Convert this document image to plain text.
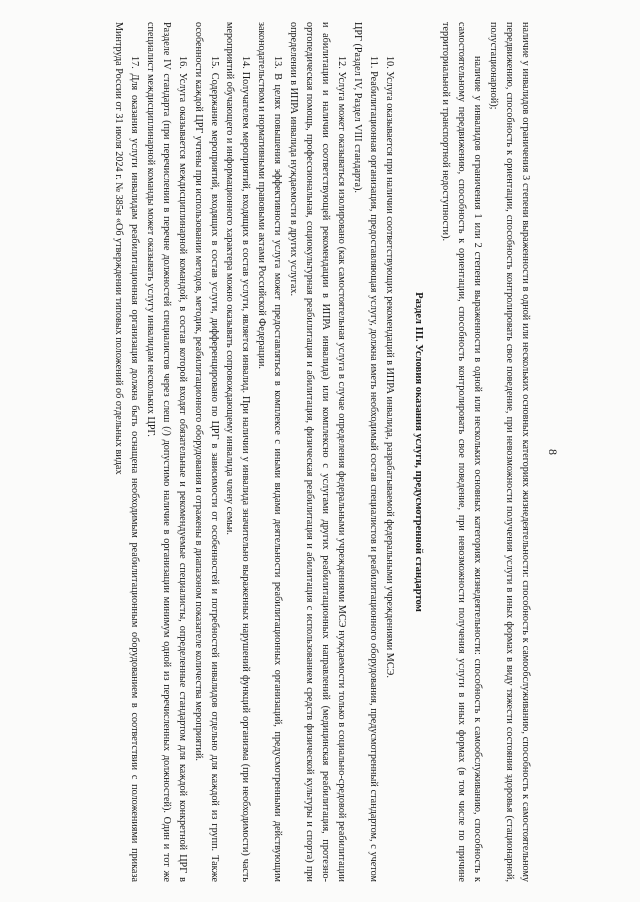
8

наличие у инвалидов ограничения 3 степени выраженности в одной или нескольких основных категориях жизнедеятельности: способность к самообслуживанию, способность к самостоятельному передвижению, способность к ориентации, способность контролировать свое поведение, при невозможности получения услуги в иных формах в виду тяжести состояния здоровья (стационарной, полустационарной);

наличие у инвалидов ограничения 1 или 2 степени выраженности в одной или нескольких основных категориях жизнедеятельности: способность к самообслуживанию, способность к самостоятельному передвижению, способность к ориентации, способность контролировать свое поведение, при невозможности получения услуги в иных формах (в том числе по причине территориальной и транспортной недоступности).

Раздел III. Условия оказания услуги, предусмотренной стандартом

10. Услуга оказывается при наличии соответствующих рекомендаций в ИПРА инвалида, разрабатываемой федеральными учреждениями МСЭ.

11. Реабилитационная организация, предоставляющая услугу, должна иметь необходимый состав специалистов и реабилитационного оборудования, предусмотренный стандартом, с учетом ЦРГ (Раздел IV, Раздел VIII стандарта).

12. Услуга может оказываться изолировано (как самостоятельная услуга в случае определения федеральными учреждениями МСЭ нуждаемости только в социально-средовой реабилитации и абилитации и наличии соответствующей рекомендации в ИПРА инвалида) или комплексно с услугами других реабилитационных направлений (медицинская реабилитация, протезно-ортопедическая помощь, профессиональная, социокультурная реабилитация и абилитация, физическая реабилитация и абилитация с использованием средств физической культуры и спорта) при определении в ИПРА инвалида нуждаемости в других услугах.

13. В целях повышения эффективности услуга может предоставляться в комплексе с иными видами деятельности реабилитационных организаций, предусмотренными действующим законодательством и нормативными правовыми актами Российской Федерации.

14. Получателем мероприятий, входящих в состав услуги, является инвалид. При наличии у инвалида значительно выраженных нарушений функций организма (при необходимости) часть мероприятий обучающего и информационного характера можно оказывать сопровождающему инвалида члену семьи.

15. Содержание мероприятий, входящих в состав услуги, дифференцировано по ЦРГ в зависимости от особенностей и потребностей инвалидов отдельно для каждой из групп. Также особенности каждой ЦРГ учтены при использовании методов, методик, реабилитационного оборудования и отражены в диапазоном показателе количества мероприятий.

16. Услуга оказывается междисциплинарной командой, в состав которой входят обязательные и рекомендуемые специалисты, определенные стандартом для каждой конкретной ЦРГ в Разделе IV стандарта (при перечислении в перечне должностей специалистов через слеш (/) допустимо наличие в организации минимум одной из перечисленных должностей). Один и тот же специалист междисциплинарной команды может оказывать услугу инвалидам нескольких ЦРГ.

17. Для оказания услуги инвалидам реабилитационная организация должна быть оснащена необходимым реабилитационным оборудованием в соответствии с положениями приказа Минтруда России от 31 июля 2024 г. № 385н «Об утверждении типовых положений об отдельных видах
